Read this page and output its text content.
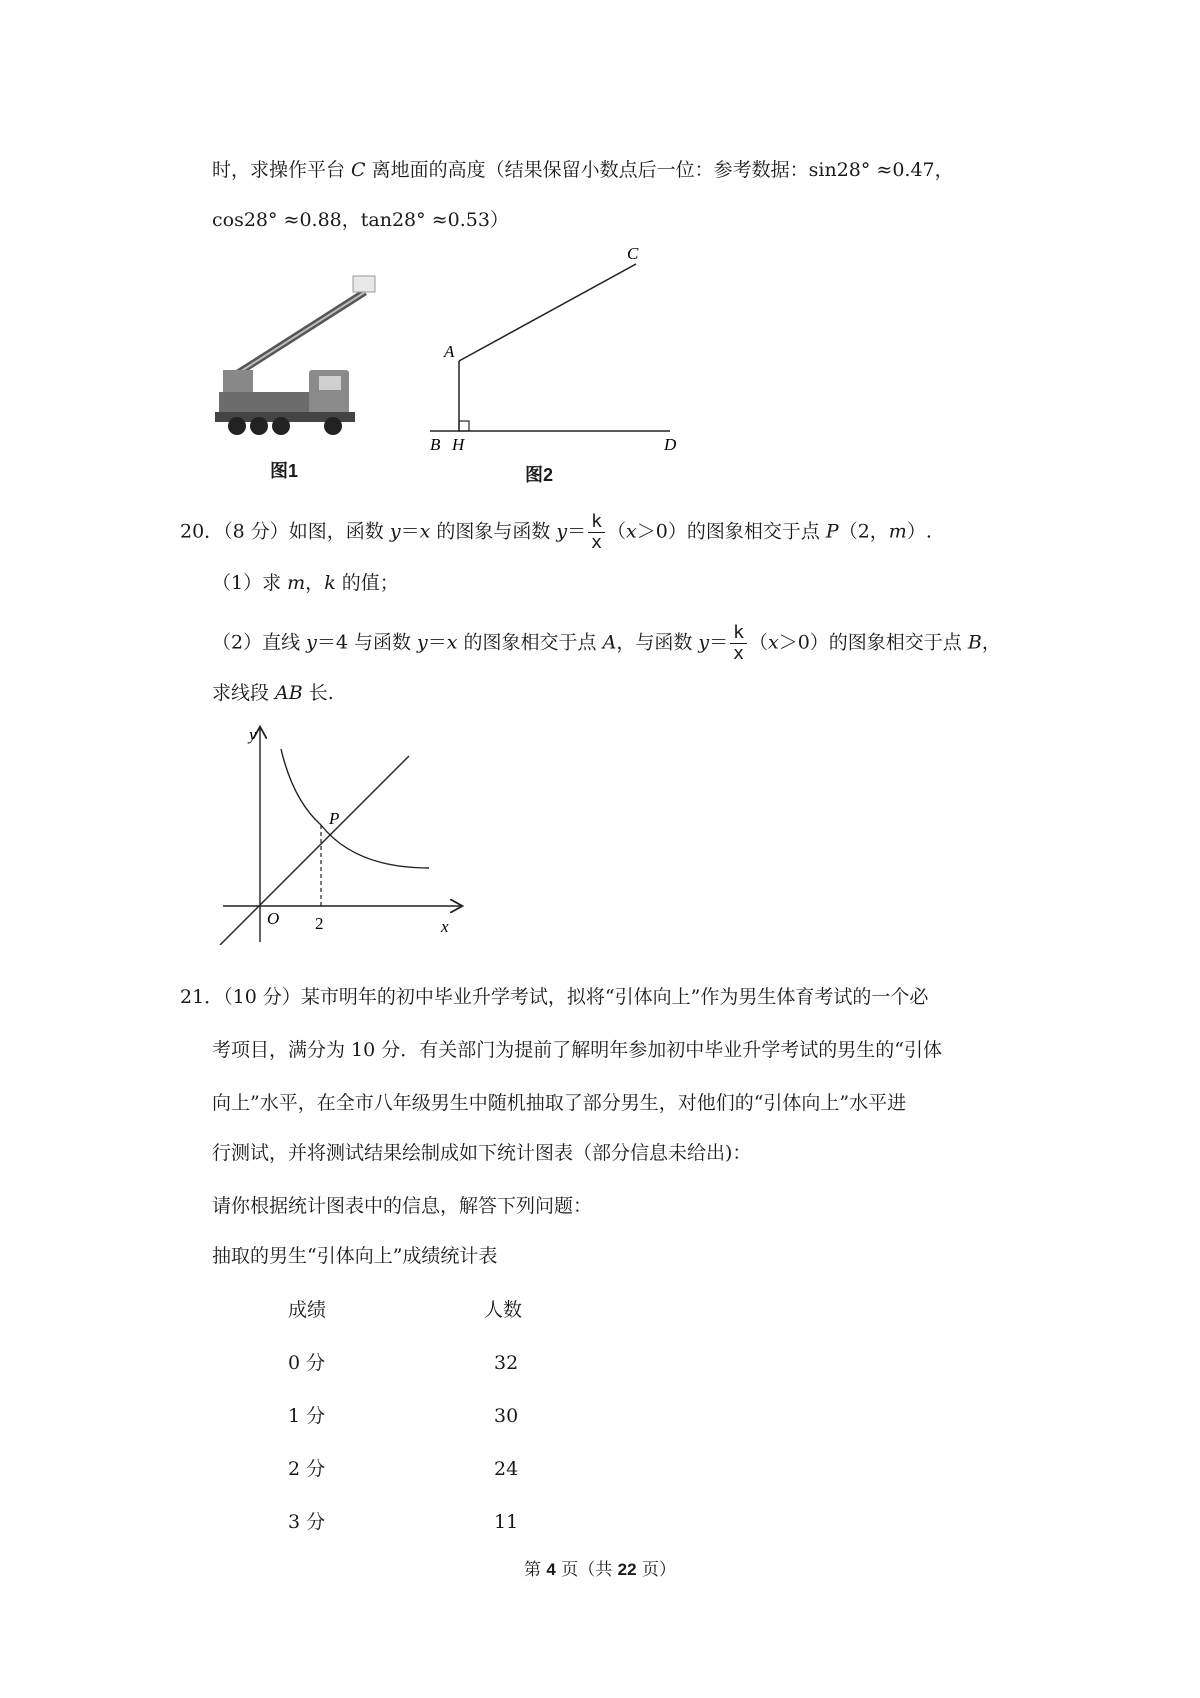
时，求操作平台 C 离地面的高度（结果保留小数点后一位：参考数据：sin28° ≈0.47，
cos28° ≈0.88，tan28° ≈0.53）
图1
A
B H
C
D
图2
20．（8 分）如图，函数 y＝x 的图象与函数 $y= \frac{k}{x} (x>0)$的图象相交于点 P（2，m）.
（1）求 m，k 的值；
（2）直线 y＝4 与函数 y＝x 的图象相交于点 A，与函数 $y= \frac{k}{x} (x>0)$的图象相交于点 B，
求线段 AB 长.
y
x
O
P
2
21．（10 分）某市明年的初中毕业升学考试，拟将“引体向上”作为男生体育考试的一个必
考项目，满分为 10 分．有关部门为提前了解明年参加初中毕业升学考试的男生的“引体
向上”水平，在全市八年级男生中随机抽取了部分男生，对他们的“引体向上”水平进
行测试，并将测试结果绘制成如下统计图表（部分信息未给出)：
请你根据统计图表中的信息，解答下列问题：
抽取的男生“引体向上”成绩统计表
成绩	人数
0 分	32
1 分	30
2 分	24
3 分	11
第 4 页（共 22 页）
